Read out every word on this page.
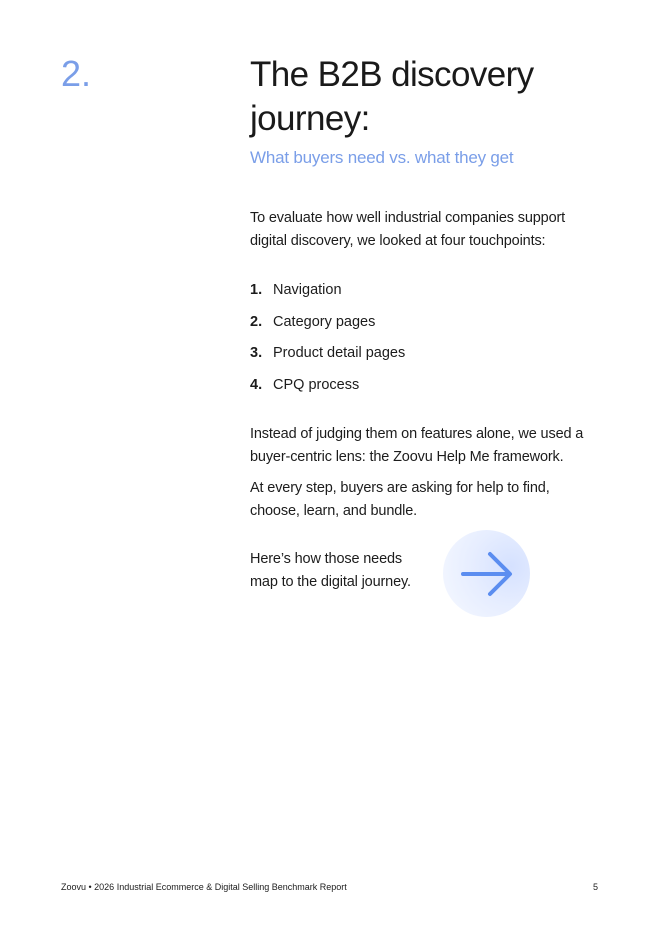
2.	The B2B discovery journey:
What buyers need vs. what they get

To evaluate how well industrial companies support digital discovery, we looked at four touchpoints:

1. Navigation
2. Category pages
3. Product detail pages
4. CPQ process

Instead of judging them on features alone, we used a buyer-centric lens: the Zoovu Help Me framework.

At every step, buyers are asking for help to find, choose, learn, and bundle.

Here’s how those needs map to the digital journey.

Zoovu • 2026 Industrial Ecommerce & Digital Selling Benchmark Report	5
